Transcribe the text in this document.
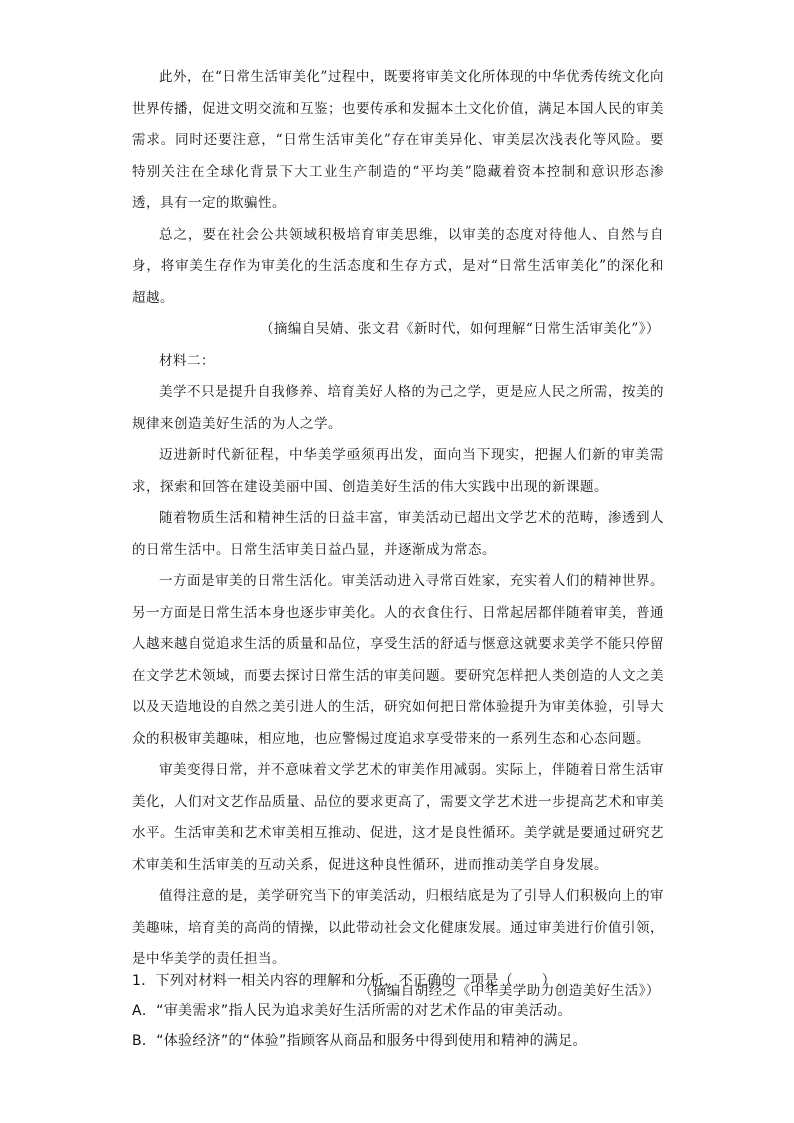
此外，在“日常生活审美化”过程中，既要将审美文化所体现的中华优秀传统文化向世界传播，促进文明交流和互鉴；也要传承和发掘本土文化价值，满足本国人民的审美需求。同时还要注意，“日常生活审美化”存在审美异化、审美层次浅表化等风险。要特别关注在全球化背景下大工业生产制造的“平均美”隐藏着资本控制和意识形态渗透，具有一定的欺骗性。

总之，要在社会公共领域积极培育审美思维，以审美的态度对待他人、自然与自身，将审美生存作为审美化的生活态度和生存方式，是对“日常生活审美化”的深化和超越。

（摘编自吴婧、张文君《新时代，如何理解“日常生活审美化”》）

材料二：

美学不只是提升自我修养、培育美好人格的为己之学，更是应人民之所需，按美的规律来创造美好生活的为人之学。

迈进新时代新征程，中华美学亟须再出发，面向当下现实，把握人们新的审美需求，探索和回答在建设美丽中国、创造美好生活的伟大实践中出现的新课题。

随着物质生活和精神生活的日益丰富，审美活动已超出文学艺术的范畴，渗透到人的日常生活中。日常生活审美日益凸显，并逐渐成为常态。

一方面是审美的日常生活化。审美活动进入寻常百姓家，充实着人们的精神世界。另一方面是日常生活本身也逐步审美化。人的衣食住行、日常起居都伴随着审美，普通人越来越自觉追求生活的质量和品位，享受生活的舒适与惬意这就要求美学不能只停留在文学艺术领域，而要去探讨日常生活的审美问题。要研究怎样把人类创造的人文之美以及天造地设的自然之美引进人的生活，研究如何把日常体验提升为审美体验，引导大众的积极审美趣味，相应地，也应警惕过度追求享受带来的一系列生态和心态问题。

审美变得日常，并不意味着文学艺术的审美作用减弱。实际上，伴随着日常生活审美化，人们对文艺作品质量、品位的要求更高了，需要文学艺术进一步提高艺术和审美水平。生活审美和艺术审美相互推动、促进，这才是良性循环。美学就是要通过研究艺术审美和生活审美的互动关系，促进这种良性循环，进而推动美学自身发展。

值得注意的是，美学研究当下的审美活动，归根结底是为了引导人们积极向上的审美趣味，培育美的高尚的情操，以此带动社会文化健康发展。通过审美进行价值引领，是中华美学的责任担当。

（摘编自胡经之《中华美学助力创造美好生活》）

1．下列对材料一相关内容的理解和分析，不正确的一项是（　　）

A．“审美需求”指人民为追求美好生活所需的对艺术作品的审美活动。

B．“体验经济”的“体验”指顾客从商品和服务中得到使用和精神的满足。
